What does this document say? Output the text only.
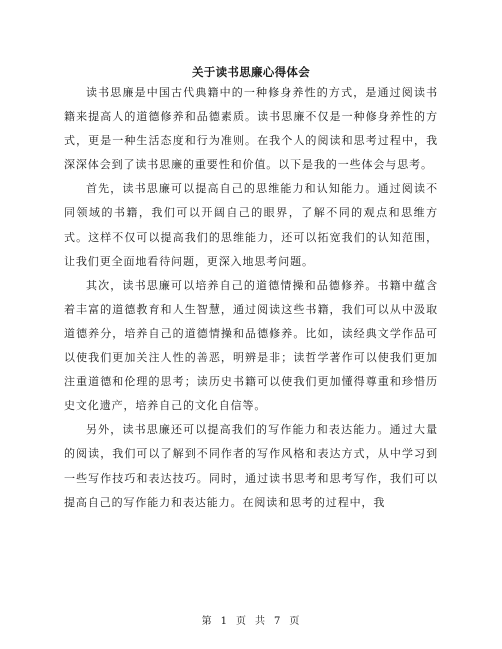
关于读书思廉心得体会

读书思廉是中国古代典籍中的一种修身养性的方式，是通过阅读书籍来提高人的道德修养和品德素质。读书思廉不仅是一种修身养性的方式，更是一种生活态度和行为准则。在我个人的阅读和思考过程中，我深深体会到了读书思廉的重要性和价值。以下是我的一些体会与思考。

首先，读书思廉可以提高自己的思维能力和认知能力。通过阅读不同领域的书籍，我们可以开阔自己的眼界，了解不同的观点和思维方式。这样不仅可以提高我们的思维能力，还可以拓宽我们的认知范围，让我们更全面地看待问题，更深入地思考问题。

其次，读书思廉可以培养自己的道德情操和品德修养。书籍中蕴含着丰富的道德教育和人生智慧，通过阅读这些书籍，我们可以从中汲取道德养分，培养自己的道德情操和品德修养。比如，读经典文学作品可以使我们更加关注人性的善恶，明辨是非；读哲学著作可以使我们更加注重道德和伦理的思考；读历史书籍可以使我们更加懂得尊重和珍惜历史文化遗产，培养自己的文化自信等。

另外，读书思廉还可以提高我们的写作能力和表达能力。通过大量的阅读，我们可以了解到不同作者的写作风格和表达方式，从中学习到一些写作技巧和表达技巧。同时，通过读书思考和思考写作，我们可以提高自己的写作能力和表达能力。在阅读和思考的过程中，我

第 1 页 共 7 页
